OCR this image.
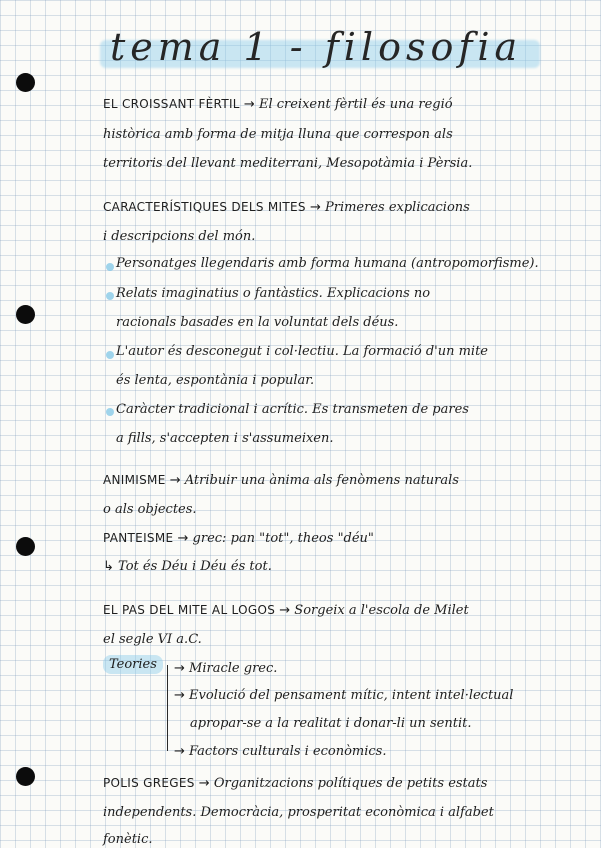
tema 1 - filosofia
EL CROISSANT FÈRTIL → El creixent fèrtil és una regió
històrica amb forma de mitja lluna que correspon als
territoris del llevant mediterrani, Mesopotàmia i Pèrsia.
CARACTERÍSTIQUES DELS MITES → Primeres explicacions
i descripcions del món.
Personatges llegendaris amb forma humana (antropomorfisme).
Relats imaginatius o fantàstics. Explicacions no
racionals basades en la voluntat dels déus.
L'autor és desconegut i col·lectiu. La formació d'un mite
és lenta, espontània i popular.
Caràcter tradicional i acrític. Es transmeten de pares
a fills, s'accepten i s'assumeixen.
ANIMISME → Atribuir una ànima als fenòmens naturals
o als objectes.
PANTEISME → grec: pan "tot", theos "déu"
↳ Tot és Déu i Déu és tot.
EL PAS DEL MITE AL LOGOS → Sorgeix a l'escola de Milet
el segle VI a.C.
Teories	→ Miracle grec.
→ Evolució del pensament mític, intent intel·lectual
apropar-se a la realitat i donar-li un sentit.
→ Factors culturals i econòmics.
POLIS GREGES → Organitzacions polítiques de petits estats
independents. Democràcia, prosperitat econòmica i alfabet
fonètic.
